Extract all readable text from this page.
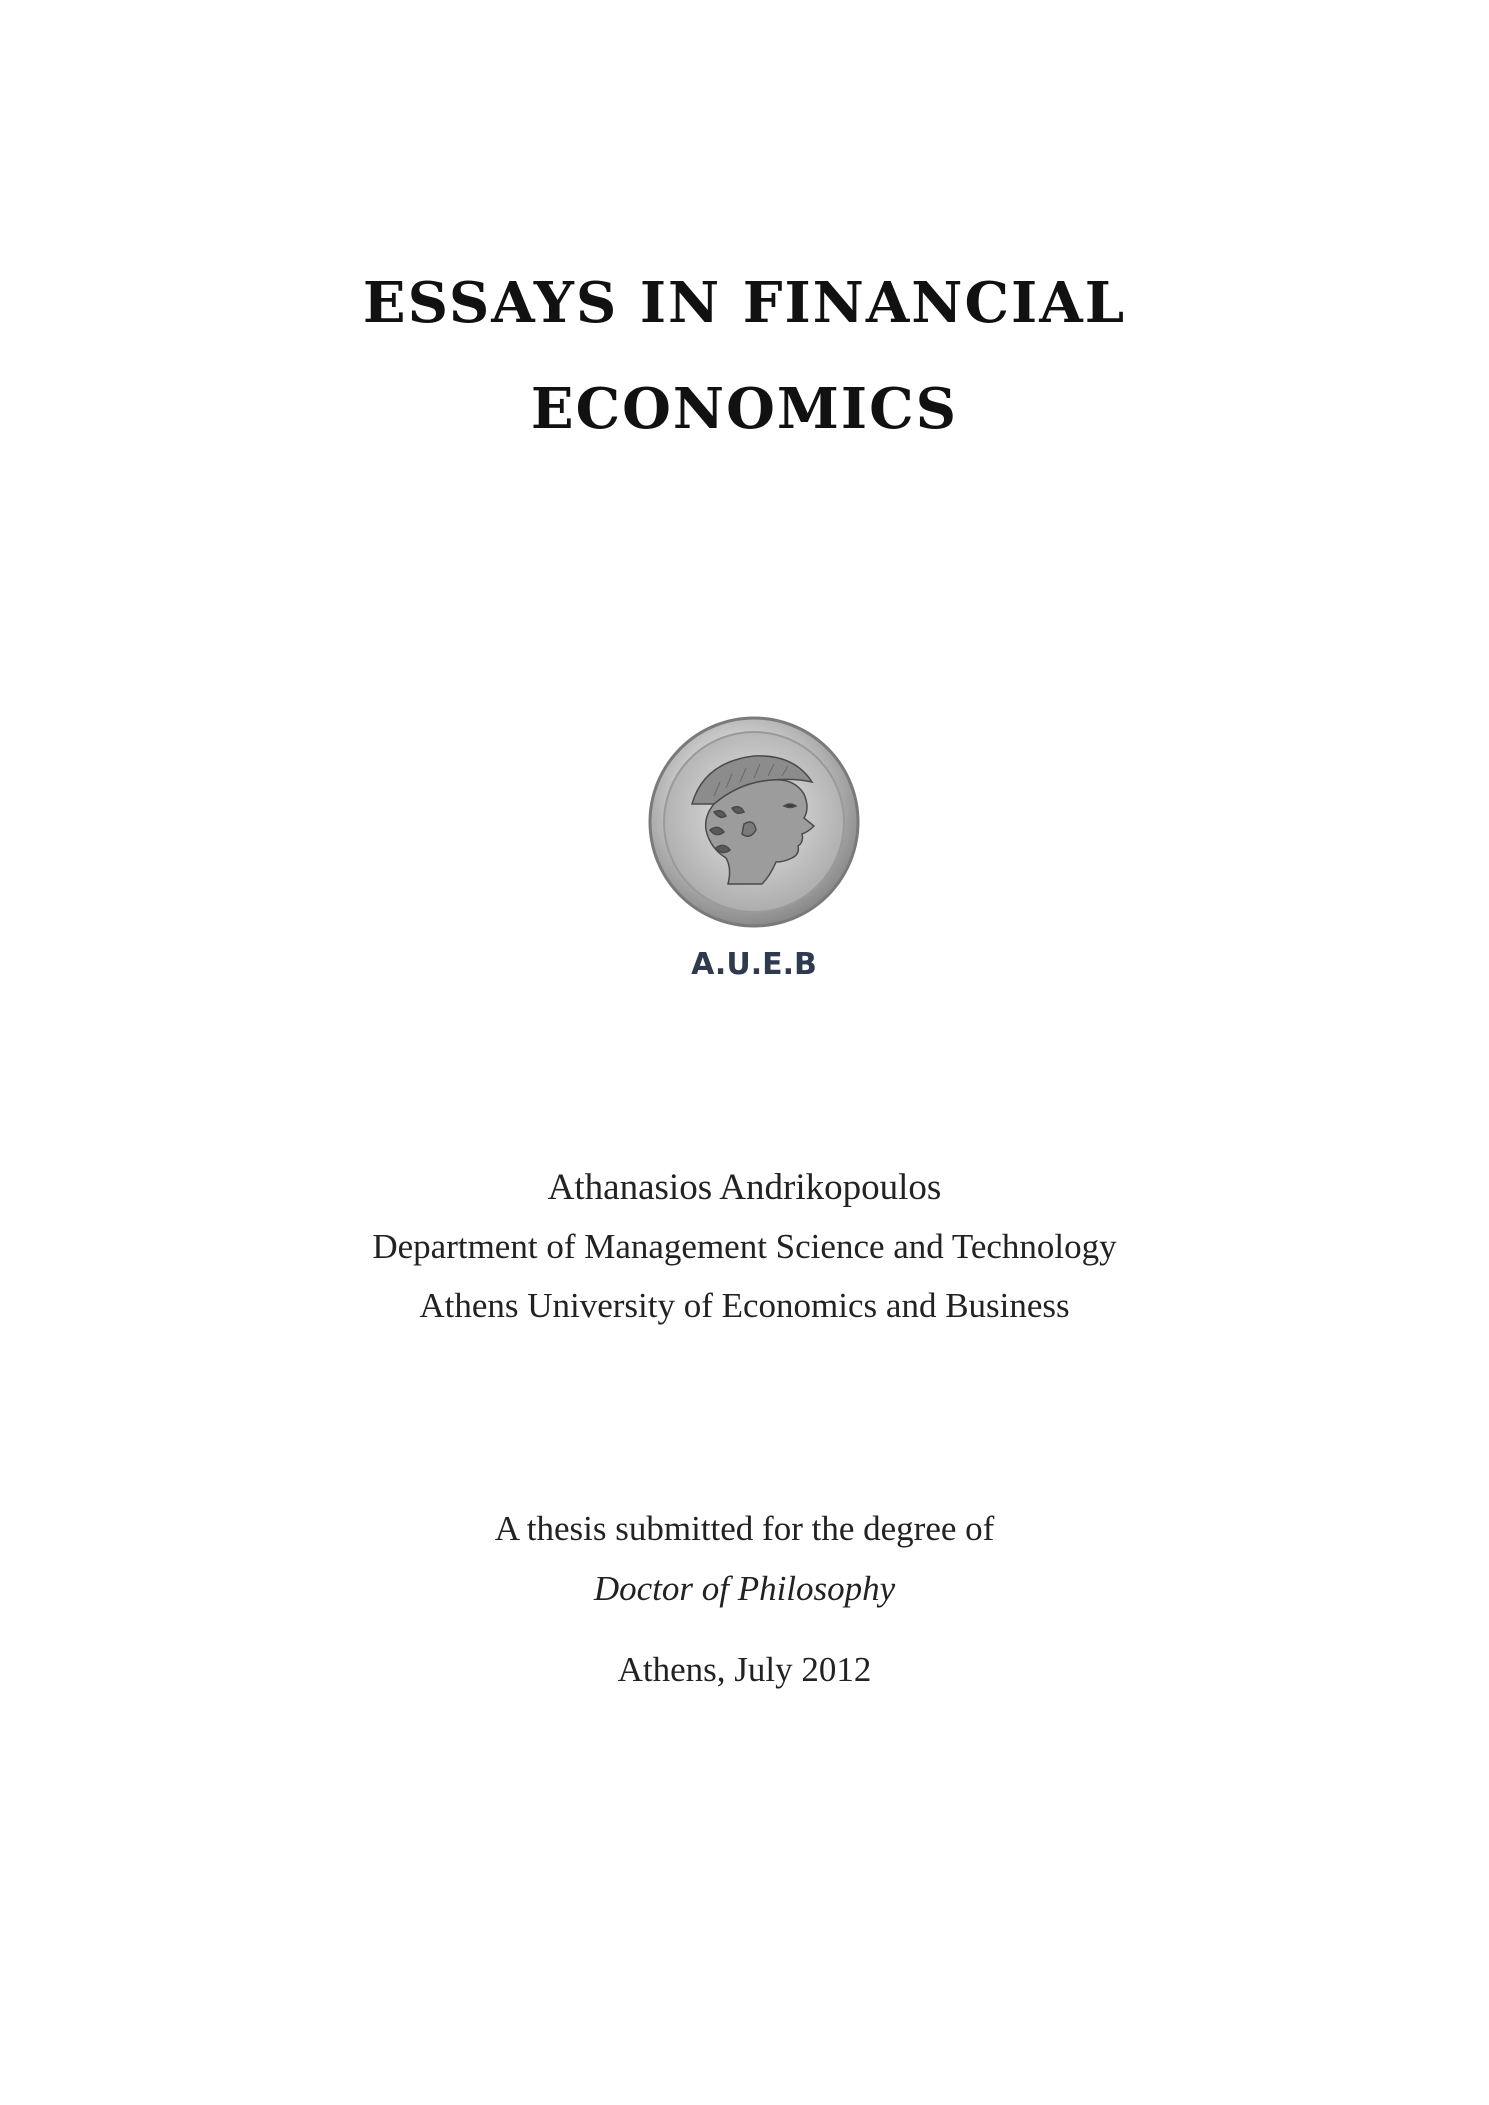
ESSAYS IN FINANCIAL
ECONOMICS
A.U.E.B
Athanasios Andrikopoulos
Department of Management Science and Technology
Athens University of Economics and Business
A thesis submitted for the degree of
Doctor of Philosophy
Athens, July 2012
